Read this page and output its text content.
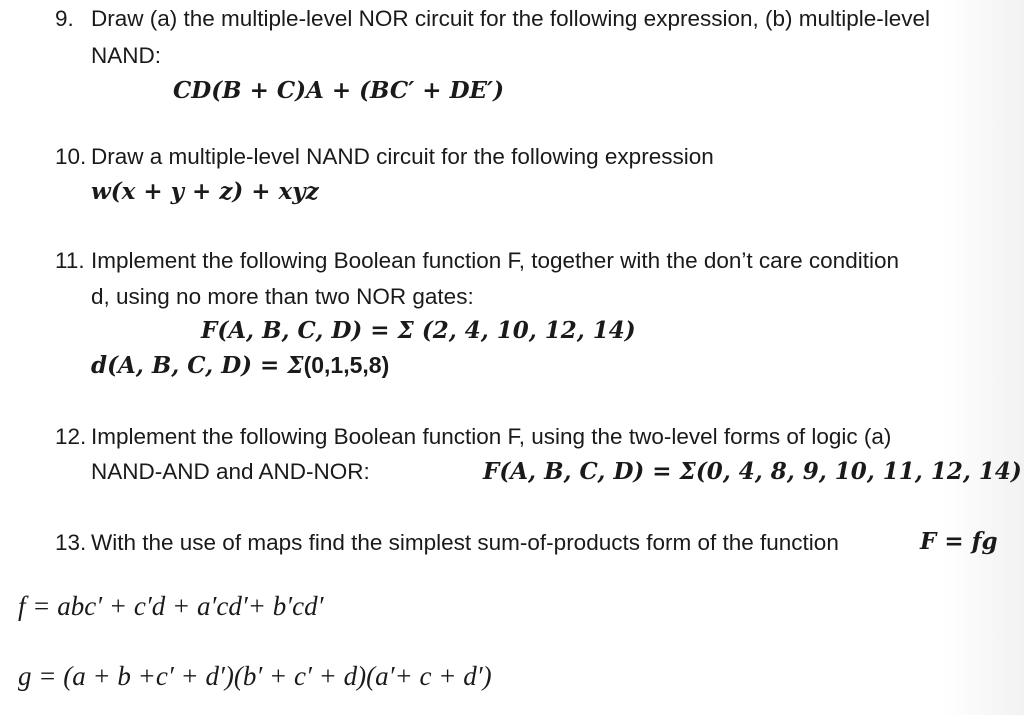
9. Draw (a) the multiple-level NOR circuit for the following expression, (b) multiple-level
NAND:
CD(B + C)A + (BC′ + DE′)
10. Draw a multiple-level NAND circuit for the following expression
w(x + y + z) + xyz
11. Implement the following Boolean function F, together with the don’t care condition
d, using no more than two NOR gates:
F(A, B, C, D) = Σ (2, 4, 10, 12, 14)
d(A, B, C, D) = Σ(0,1,5,8)
12. Implement the following Boolean function F, using the two-level forms of logic (a)
NAND-AND and AND-NOR:	F(A, B, C, D) = Σ(0, 4, 8, 9, 10, 11, 12, 14)
13. With the use of maps find the simplest sum-of-products form of the function	F = fg
f = abc′ + c′d + a′cd′+ b′cd′
g = (a + b +c′ + d′)(b′ + c′ + d)(a′+ c + d′)
